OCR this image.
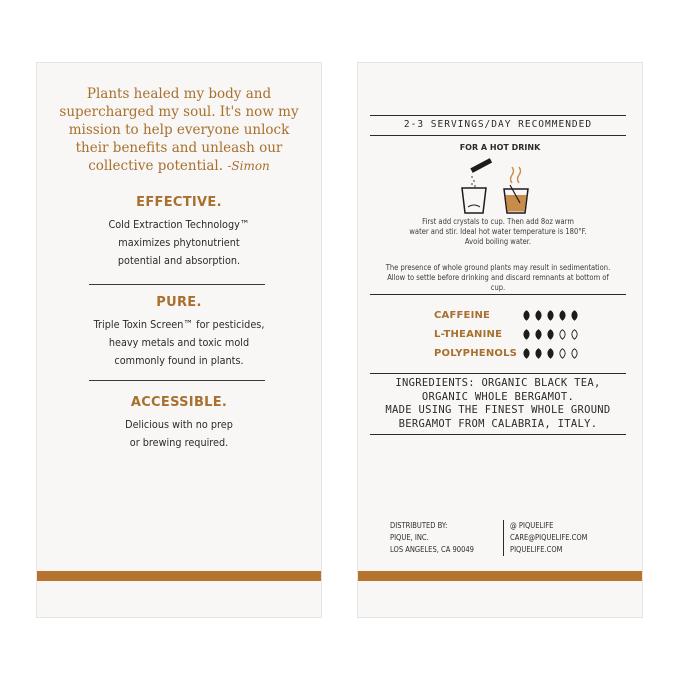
Plants healed my body and
supercharged my soul. It's now my
mission to help everyone unlock
their benefits and unleash our
collective potential. -Simon
EFFECTIVE.

Cold Extraction Technology™

maximizes phytonutrient

potential and absorption.

PURE.

Triple Toxin Screen™ for pesticides,

heavy metals and toxic mold

commonly found in plants.

ACCESSIBLE.

Delicious with no prep

or brewing required.

2-3 SERVINGS/DAY RECOMMENDED
FOR A HOT DRINK
First add crystals to cup. Then add 8oz warm
water and stir. Ideal hot water temperature is 180°F.
Avoid boiling water.
The presence of whole ground plants may result in sedimentation.
Allow to settle before drinking and discard remnants at bottom of cup.
CAFFEINE
L-THEANINE
POLYPHENOLS
INGREDIENTS: ORGANIC BLACK TEA,
ORGANIC WHOLE BERGAMOT.
MADE USING THE FINEST WHOLE GROUND
BERGAMOT FROM CALABRIA, ITALY.
DISTRIBUTED BY:
PIQUE, INC.
LOS ANGELES, CA 90049
@ PIQUELIFE
CARE@PIQUELIFE.COM
PIQUELIFE.COM
